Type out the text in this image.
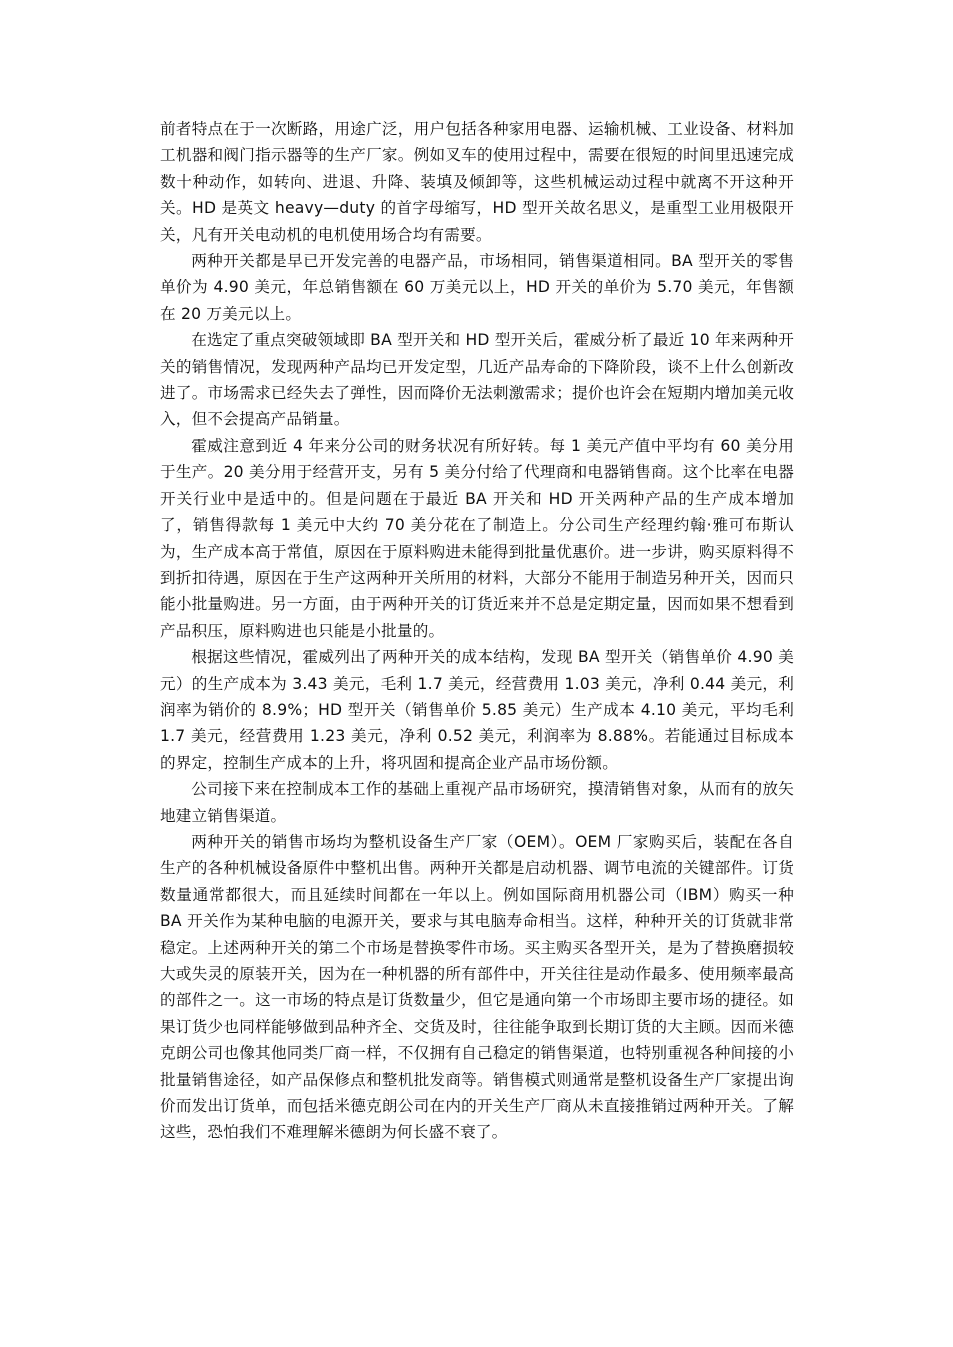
前者特点在于一次断路，用途广泛，用户包括各种家用电器、运输机械、工业设备、材料加工机器和阀门指示器等的生产厂家。例如叉车的使用过程中，需要在很短的时间里迅速完成数十种动作，如转向、进退、升降、装填及倾卸等，这些机械运动过程中就离不开这种开关。HD 是英文 heavy—duty 的首字母缩写，HD 型开关故名思义，是重型工业用极限开关，凡有开关电动机的电机使用场合均有需要。

两种开关都是早已开发完善的电器产品，市场相同，销售渠道相同。BA 型开关的零售单价为 4.90 美元，年总销售额在 60 万美元以上，HD 开关的单价为 5.70 美元，年售额在 20 万美元以上。

在选定了重点突破领域即 BA 型开关和 HD 型开关后，霍威分析了最近 10 年来两种开关的销售情况，发现两种产品均已开发定型，几近产品寿命的下降阶段，谈不上什么创新改进了。市场需求已经失去了弹性，因而降价无法刺激需求；提价也许会在短期内增加美元收入，但不会提高产品销量。

霍威注意到近 4 年来分公司的财务状况有所好转。每 1 美元产值中平均有 60 美分用于生产。20 美分用于经营开支，另有 5 美分付给了代理商和电器销售商。这个比率在电器开关行业中是适中的。但是问题在于最近 BA 开关和 HD 开关两种产品的生产成本增加了，销售得款每 1 美元中大约 70 美分花在了制造上。分公司生产经理约翰·雅可布斯认为，生产成本高于常值，原因在于原料购进未能得到批量优惠价。进一步讲，购买原料得不到折扣待遇，原因在于生产这两种开关所用的材料，大部分不能用于制造另种开关，因而只能小批量购进。另一方面，由于两种开关的订货近来并不总是定期定量，因而如果不想看到产品积压，原料购进也只能是小批量的。

根据这些情况，霍威列出了两种开关的成本结构，发现 BA 型开关（销售单价 4.90 美元）的生产成本为 3.43 美元，毛利 1.7 美元，经营费用 1.03 美元，净利 0.44 美元，利润率为销价的 8.9%；HD 型开关（销售单价 5.85 美元）生产成本 4.10 美元，平均毛利 1.7 美元，经营费用 1.23 美元，净利 0.52 美元，利润率为 8.88%。若能通过目标成本的界定，控制生产成本的上升，将巩固和提高企业产品市场份额。

公司接下来在控制成本工作的基础上重视产品市场研究，摸清销售对象，从而有的放矢地建立销售渠道。

两种开关的销售市场均为整机设备生产厂家（OEM）。OEM 厂家购买后，装配在各自生产的各种机械设备原件中整机出售。两种开关都是启动机器、调节电流的关键部件。订货数量通常都很大，而且延续时间都在一年以上。例如国际商用机器公司（IBM）购买一种 BA 开关作为某种电脑的电源开关，要求与其电脑寿命相当。这样，种种开关的订货就非常稳定。上述两种开关的第二个市场是替换零件市场。买主购买各型开关，是为了替换磨损较大或失灵的原装开关，因为在一种机器的所有部件中，开关往往是动作最多、使用频率最高的部件之一。这一市场的特点是订货数量少，但它是通向第一个市场即主要市场的捷径。如果订货少也同样能够做到品种齐全、交货及时，往往能争取到长期订货的大主顾。因而米德克朗公司也像其他同类厂商一样，不仅拥有自己稳定的销售渠道，也特别重视各种间接的小批量销售途径，如产品保修点和整机批发商等。销售模式则通常是整机设备生产厂家提出询价而发出订货单，而包括米德克朗公司在内的开关生产厂商从未直接推销过两种开关。了解这些，恐怕我们不难理解米德朗为何长盛不衰了。
